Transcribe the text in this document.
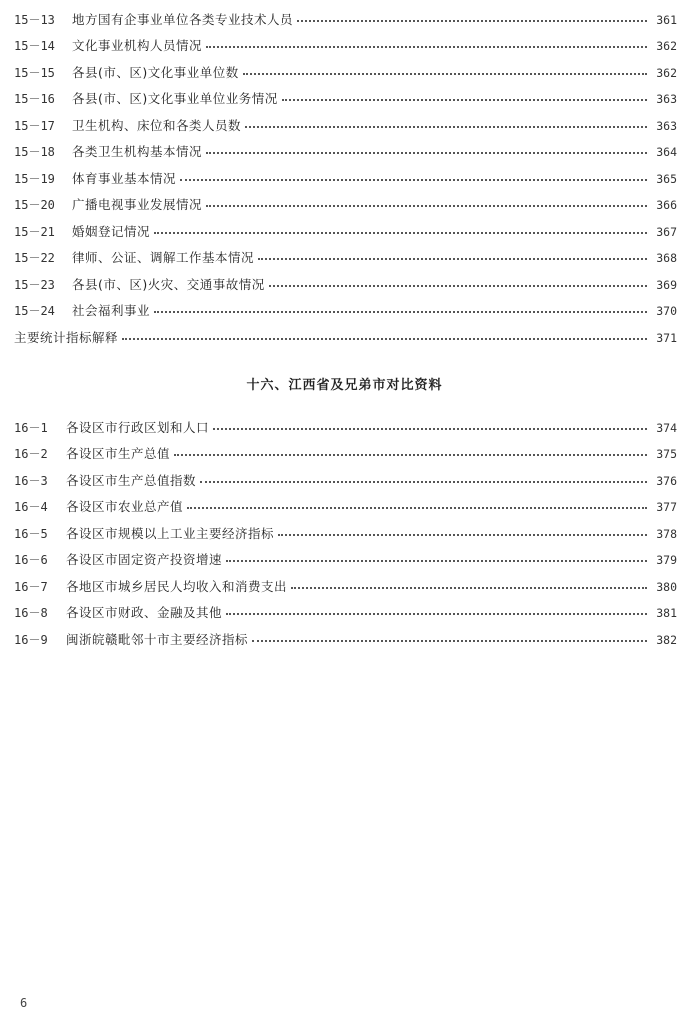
15－13	地方国有企事业单位各类专业技术人员	361
15－14	文化事业机构人员情况	362
15－15	各县(市、区)文化事业单位数	362
15－16	各县(市、区)文化事业单位业务情况	363
15－17	卫生机构、床位和各类人员数	363
15－18	各类卫生机构基本情况	364
15－19	体育事业基本情况	365
15－20	广播电视事业发展情况	366
15－21	婚姻登记情况	367
15－22	律师、公证、调解工作基本情况	368
15－23	各县(市、区)火灾、交通事故情况	369
15－24	社会福利事业	370
主要统计指标解释	371
十六、江西省及兄弟市对比资料
16－1	各设区市行政区划和人口	374
16－2	各设区市生产总值	375
16－3	各设区市生产总值指数	376
16－4	各设区市农业总产值	377
16－5	各设区市规模以上工业主要经济指标	378
16－6	各设区市固定资产投资增速	379
16－7	各地区市城乡居民人均收入和消费支出	380
16－8	各设区市财政、金融及其他	381
16－9	闽浙皖赣毗邻十市主要经济指标	382
6
